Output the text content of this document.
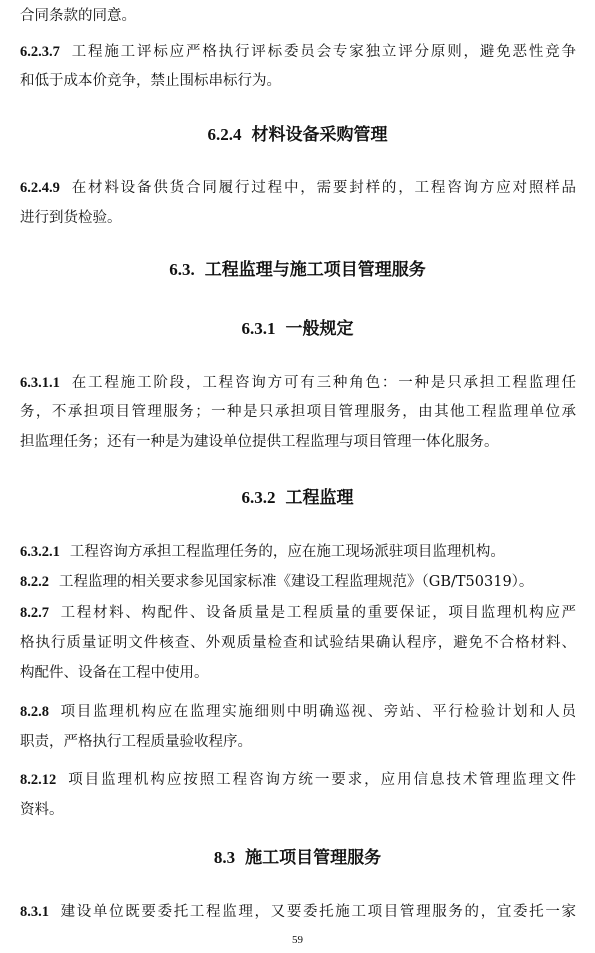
合同条款的同意。
6.2.3.7 工程施工评标应严格执行评标委员会专家独立评分原则，避免恶性竞争
和低于成本价竞争，禁止围标串标行为。
6.2.4 材料设备采购管理
6.2.4.9 在材料设备供货合同履行过程中，需要封样的，工程咨询方应对照样品
进行到货检验。
6.3. 工程监理与施工项目管理服务
6.3.1 一般规定
6.3.1.1 在工程施工阶段，工程咨询方可有三种角色：一种是只承担工程监理任
务，不承担项目管理服务；一种是只承担项目管理服务，由其他工程监理单位承
担监理任务；还有一种是为建设单位提供工程监理与项目管理一体化服务。
6.3.2 工程监理
6.3.2.1 工程咨询方承担工程监理任务的，应在施工现场派驻项目监理机构。
8.2.2 工程监理的相关要求参见国家标准《建设工程监理规范》（GB/T50319）。
8.2.7 工程材料、构配件、设备质量是工程质量的重要保证，项目监理机构应严
格执行质量证明文件核查、外观质量检查和试验结果确认程序，避免不合格材料、
构配件、设备在工程中使用。
8.2.8 项目监理机构应在监理实施细则中明确巡视、旁站、平行检验计划和人员
职责，严格执行工程质量验收程序。
8.2.12 项目监理机构应按照工程咨询方统一要求，应用信息技术管理监理文件
资料。
8.3 施工项目管理服务
8.3.1 建设单位既要委托工程监理，又要委托施工项目管理服务的，宜委托一家
59
